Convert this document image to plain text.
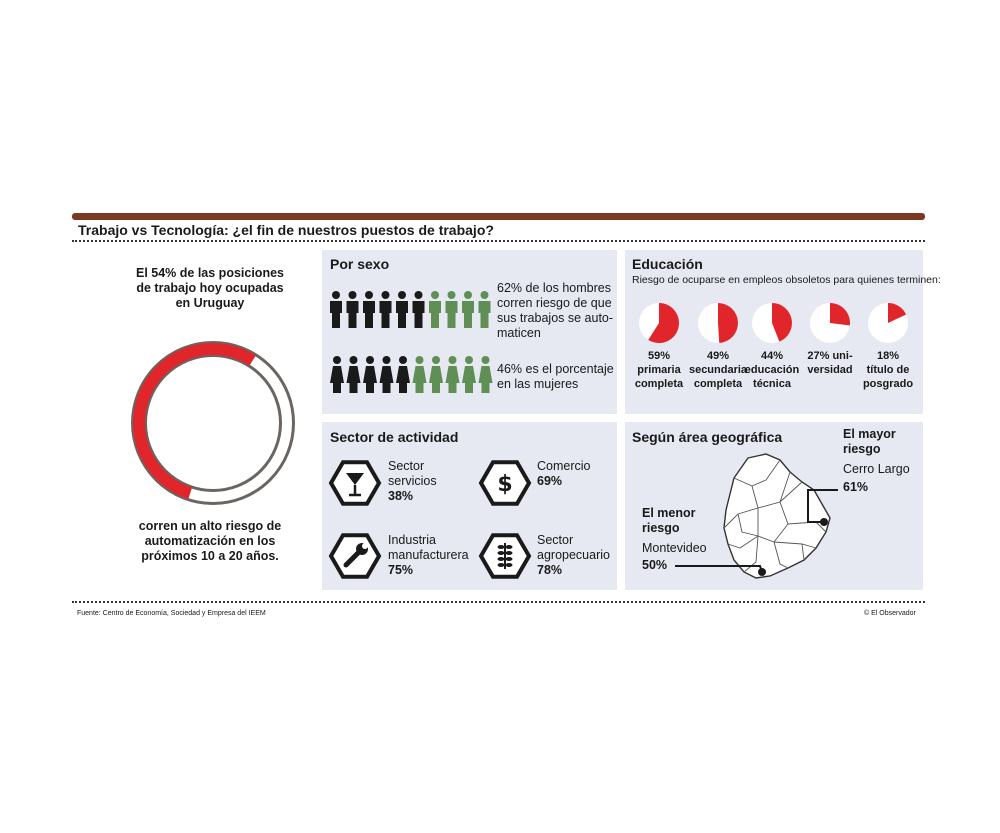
Trabajo vs Tecnología: ¿el fin de nuestros puestos de trabajo?
El 54% de las posiciones
de trabajo hoy ocupadas
en Uruguay
corren un alto riesgo de
automatización en los
próximos 10 a 20 años.
Por sexo
62% de los hombres
corren riesgo de que
sus trabajos se auto-
maticen
46% es el porcentaje
en las mujeres
Educación
Riesgo de ocuparse en empleos obsoletos para quienes terminen:
59%
primaria
completa
49%
secundaria
completa
44%
educación
técnica
27% uni-
versidad
18%
título de
posgrado
Sector de actividad
$
Sector
servicios
38%
Comercio
69%
Industria
manufacturera
75%
Sector
agropecuario
78%
Según área geográfica	El mayor
riesgo
Cerro Largo
61%
El menor
riesgo
Montevideo
50%
Fuente: Centro de Economía, Sociedad y Empresa del IEEM	© El Observador
